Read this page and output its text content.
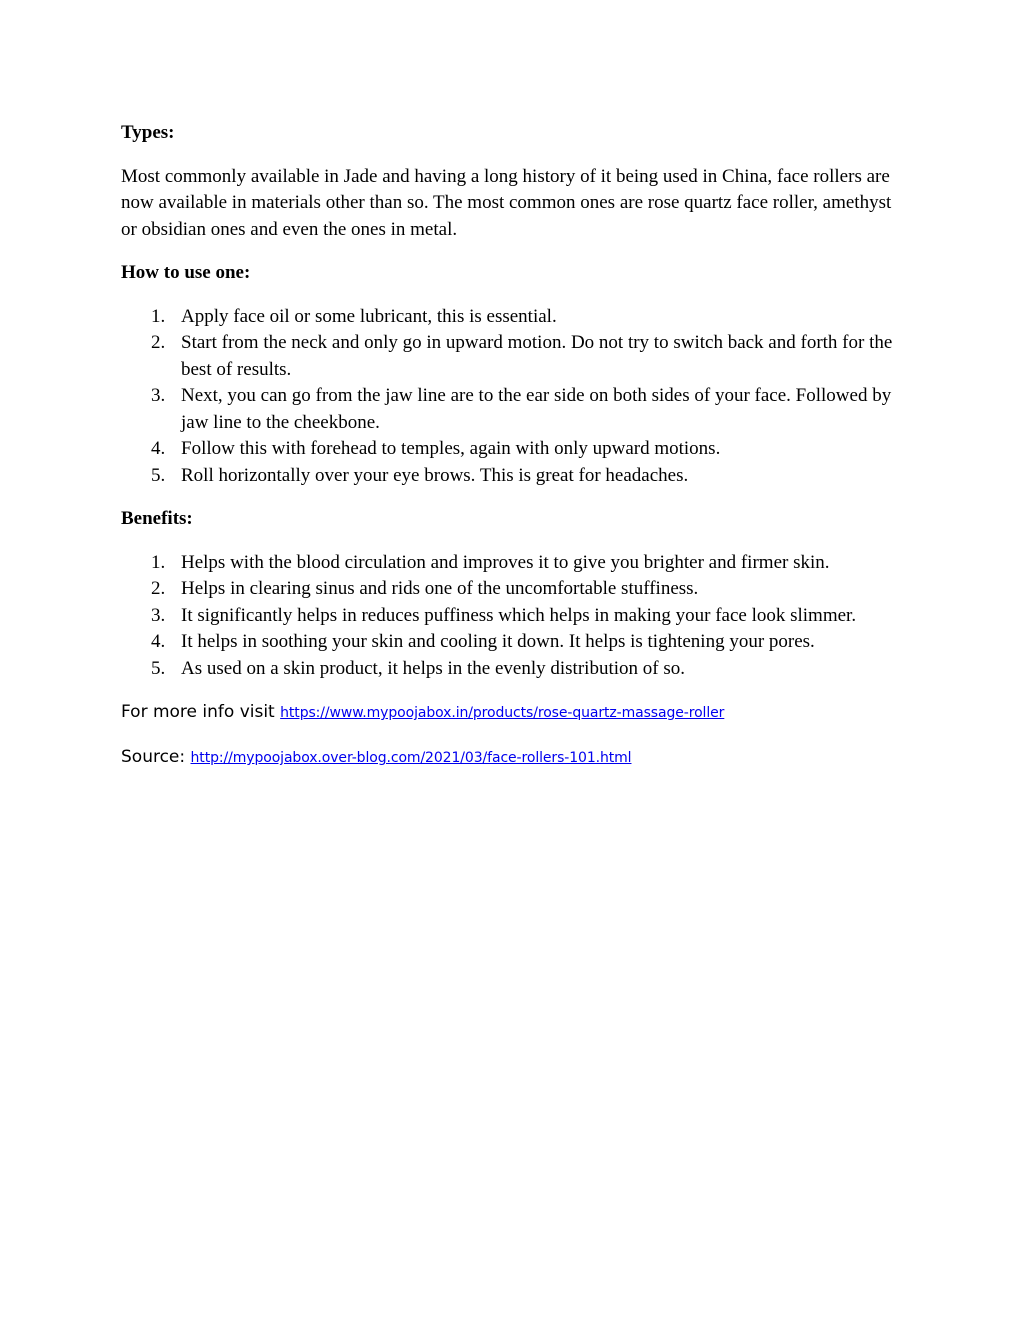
Types:
Most commonly available in Jade and having a long history of it being used in China, face rollers are now available in materials other than so. The most common ones are rose quartz face roller, amethyst or obsidian ones and even the ones in metal.
How to use one:
1. Apply face oil or some lubricant, this is essential.
2. Start from the neck and only go in upward motion. Do not try to switch back and forth for the best of results.
3. Next, you can go from the jaw line are to the ear side on both sides of your face. Followed by jaw line to the cheekbone.
4. Follow this with forehead to temples, again with only upward motions.
5. Roll horizontally over your eye brows. This is great for headaches.
Benefits:
1. Helps with the blood circulation and improves it to give you brighter and firmer skin.
2. Helps in clearing sinus and rids one of the uncomfortable stuffiness.
3. It significantly helps in reduces puffiness which helps in making your face look slimmer.
4. It helps in soothing your skin and cooling it down. It helps is tightening your pores.
5. As used on a skin product, it helps in the evenly distribution of so.
For more info visit https://www.mypoojabox.in/products/rose-quartz-massage-roller
Source: http://mypoojabox.over-blog.com/2021/03/face-rollers-101.html
